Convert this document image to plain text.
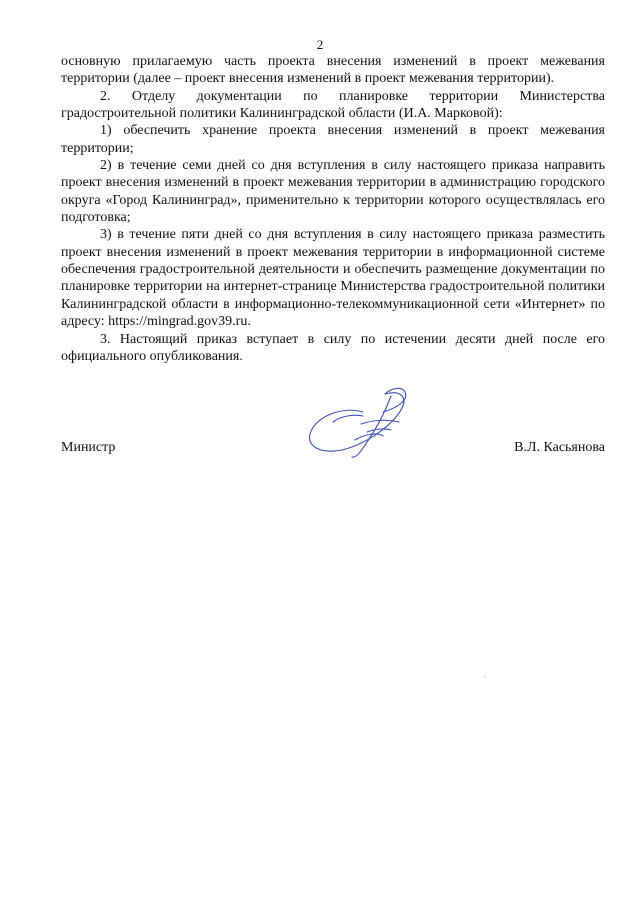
2

основную прилагаемую часть проекта внесения изменений в проект межевания территории (далее – проект внесения изменений в проект межевания территории).

2. Отделу документации по планировке территории Министерства градостроительной политики Калининградской области (И.А. Марковой):

1) обеспечить хранение проекта внесения изменений в проект межевания территории;

2) в течение семи дней со дня вступления в силу настоящего приказа направить проект внесения изменений в проект межевания территории в администрацию городского округа «Город Калининград», применительно к территории которого осуществлялась его подготовка;

3) в течение пяти дней со дня вступления в силу настоящего приказа разместить проект внесения изменений в проект межевания территории в информационной системе обеспечения градостроительной деятельности и обеспечить размещение документации по планировке территории на интернет-странице Министерства градостроительной политики Калининградской области в информационно-телекоммуникационной сети «Интернет» по адресу: https://mingrad.gov39.ru.

3. Настоящий приказ вступает в силу по истечении десяти дней после его официального опубликования.

Министр	В.Л. Касьянова
